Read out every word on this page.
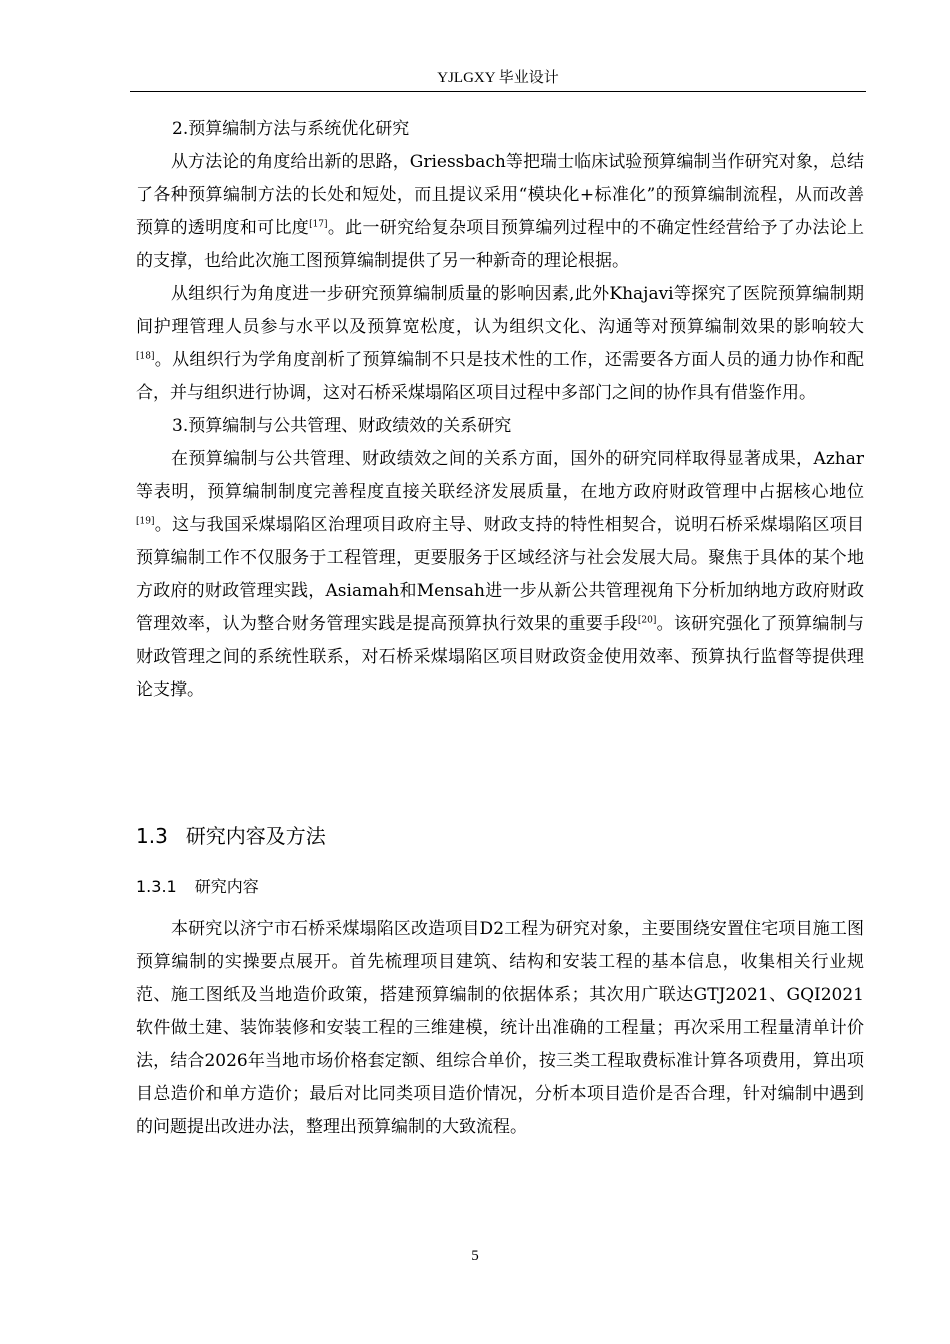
YJLGXY 毕业设计
2.预算编制方法与系统优化研究

从方法论的角度给出新的思路，Griessbach等把瑞士临床试验预算编制当作研究对象，总结了各种预算编制方法的长处和短处，而且提议采用“模块化+标准化”的预算编制流程，从而改善预算的透明度和可比度[17]。此一研究给复杂项目预算编列过程中的不确定性经营给予了办法论上的支撑，也给此次施工图预算编制提供了另一种新奇的理论根据。

从组织行为角度进一步研究预算编制质量的影响因素,此外Khajavi等探究了医院预算编制期间护理管理人员参与水平以及预算宽松度，认为组织文化、沟通等对预算编制效果的影响较大[18]。从组织行为学角度剖析了预算编制不只是技术性的工作，还需要各方面人员的通力协作和配合，并与组织进行协调，这对石桥采煤塌陷区项目过程中多部门之间的协作具有借鉴作用。

3.预算编制与公共管理、财政绩效的关系研究

在预算编制与公共管理、财政绩效之间的关系方面，国外的研究同样取得显著成果，Azhar等表明，预算编制制度完善程度直接关联经济发展质量，在地方政府财政管理中占据核心地位[19]。这与我国采煤塌陷区治理项目政府主导、财政支持的特性相契合，说明石桥采煤塌陷区项目预算编制工作不仅服务于工程管理，更要服务于区域经济与社会发展大局。聚焦于具体的某个地方政府的财政管理实践，Asiamah和Mensah进一步从新公共管理视角下分析加纳地方政府财政管理效率，认为整合财务管理实践是提高预算执行效果的重要手段[20]。该研究强化了预算编制与财政管理之间的系统性联系，对石桥采煤塌陷区项目财政资金使用效率、预算执行监督等提供理论支撑。

1.3 研究内容及方法
1.3.1 研究内容

本研究以济宁市石桥采煤塌陷区改造项目D2工程为研究对象，主要围绕安置住宅项目施工图预算编制的实操要点展开。首先梳理项目建筑、结构和安装工程的基本信息，收集相关行业规范、施工图纸及当地造价政策，搭建预算编制的依据体系；其次用广联达GTJ2021、GQI2021软件做土建、装饰装修和安装工程的三维建模，统计出准确的工程量；再次采用工程量清单计价法，结合2026年当地市场价格套定额、组综合单价，按三类工程取费标准计算各项费用，算出项目总造价和单方造价；最后对比同类项目造价情况，分析本项目造价是否合理，针对编制中遇到的问题提出改进办法，整理出预算编制的大致流程。

5
